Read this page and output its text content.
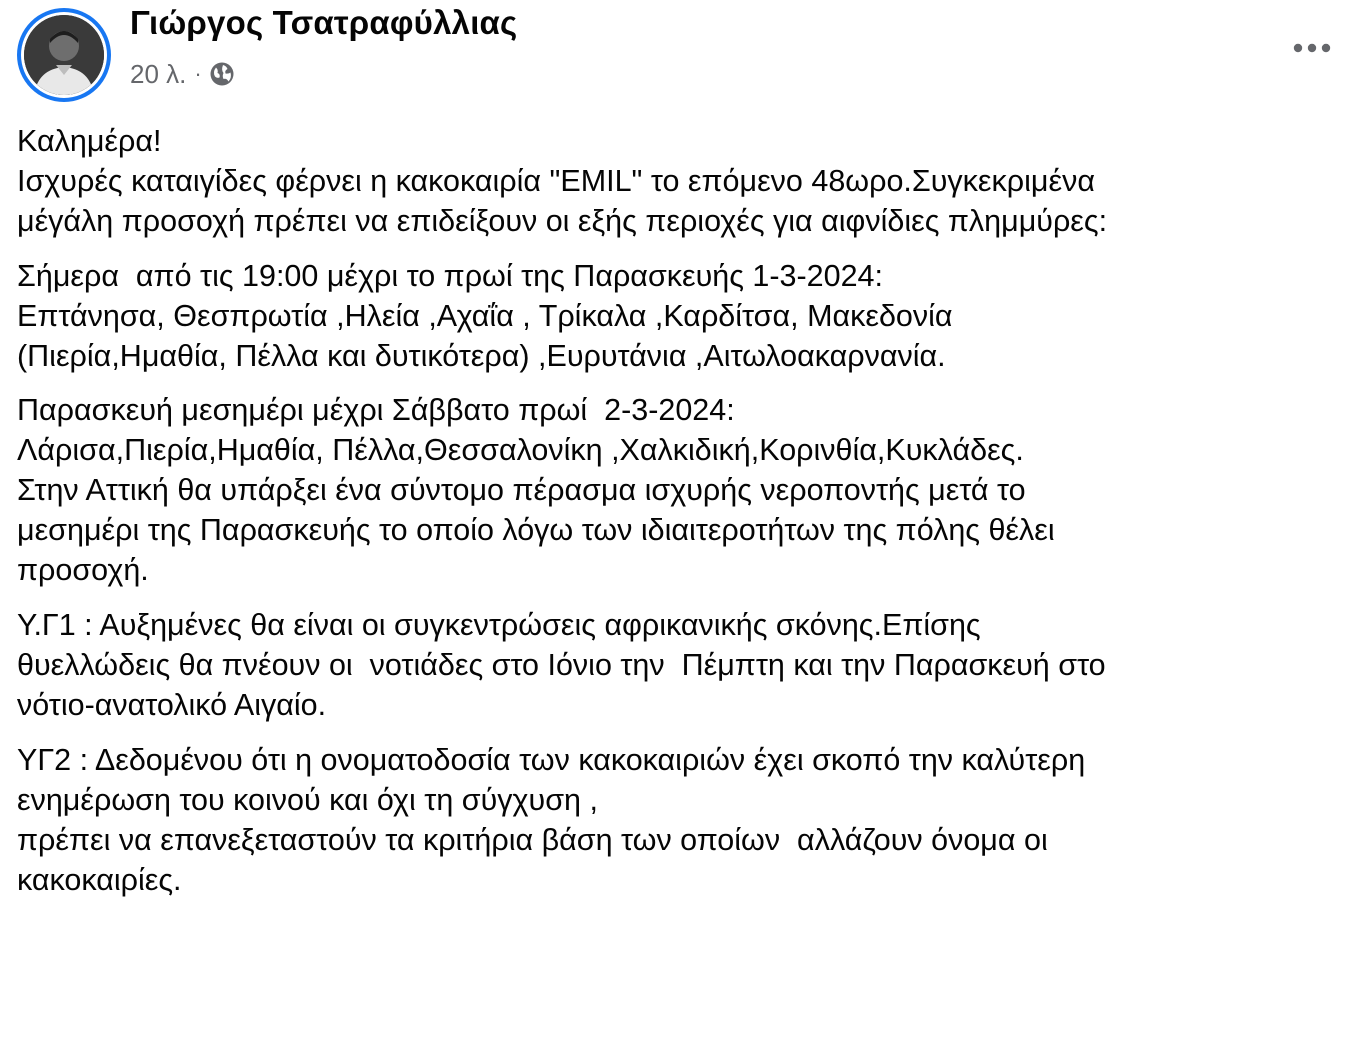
Γιώργος Τσατραφύλλιας
20 λ. ·
Καλημέρα!
Ισχυρές καταιγίδες φέρνει η κακοκαιρία "EMIL" το επόμενο 48ωρο.Συγκεκριμένα
μέγάλη προσοχή πρέπει να επιδείξουν οι εξής περιοχές για αιφνίδιες πλημμύρες:
Σήμερα  από τις 19:00 μέχρι το πρωί της Παρασκευής 1-3-2024:
Επτάνησα, Θεσπρωτία ,Ηλεία ,Αχαΐα , Τρίκαλα ,Καρδίτσα, Μακεδονία
(Πιερία,Ημαθία, Πέλλα και δυτικότερα) ,Ευρυτάνια ,Αιτωλοακαρνανία.
Παρασκευή μεσημέρι μέχρι Σάββατο πρωί  2-3-2024:
Λάρισα,Πιερία,Ημαθία, Πέλλα,Θεσσαλονίκη ,Χαλκιδική,Κορινθία,Κυκλάδες.
Στην Αττική θα υπάρξει ένα σύντομο πέρασμα ισχυρής νεροποντής μετά το
μεσημέρι της Παρασκευής το οποίο λόγω των ιδιαιτεροτήτων της πόλης θέλει
προσοχή.
Υ.Γ1 : Αυξημένες θα είναι οι συγκεντρώσεις αφρικανικής σκόνης.Επίσης
θυελλώδεις θα πνέουν οι  νοτιάδες στο Ιόνιο την  Πέμπτη και την Παρασκευή στο
νότιο-ανατολικό Αιγαίο.
ΥΓ2 : Δεδομένου ότι η ονοματοδοσία των κακοκαιριών έχει σκοπό την καλύτερη
ενημέρωση του κοινού και όχι τη σύγχυση ,
πρέπει να επανεξεταστούν τα κριτήρια βάση των οποίων  αλλάζουν όνομα οι
κακοκαιρίες.
